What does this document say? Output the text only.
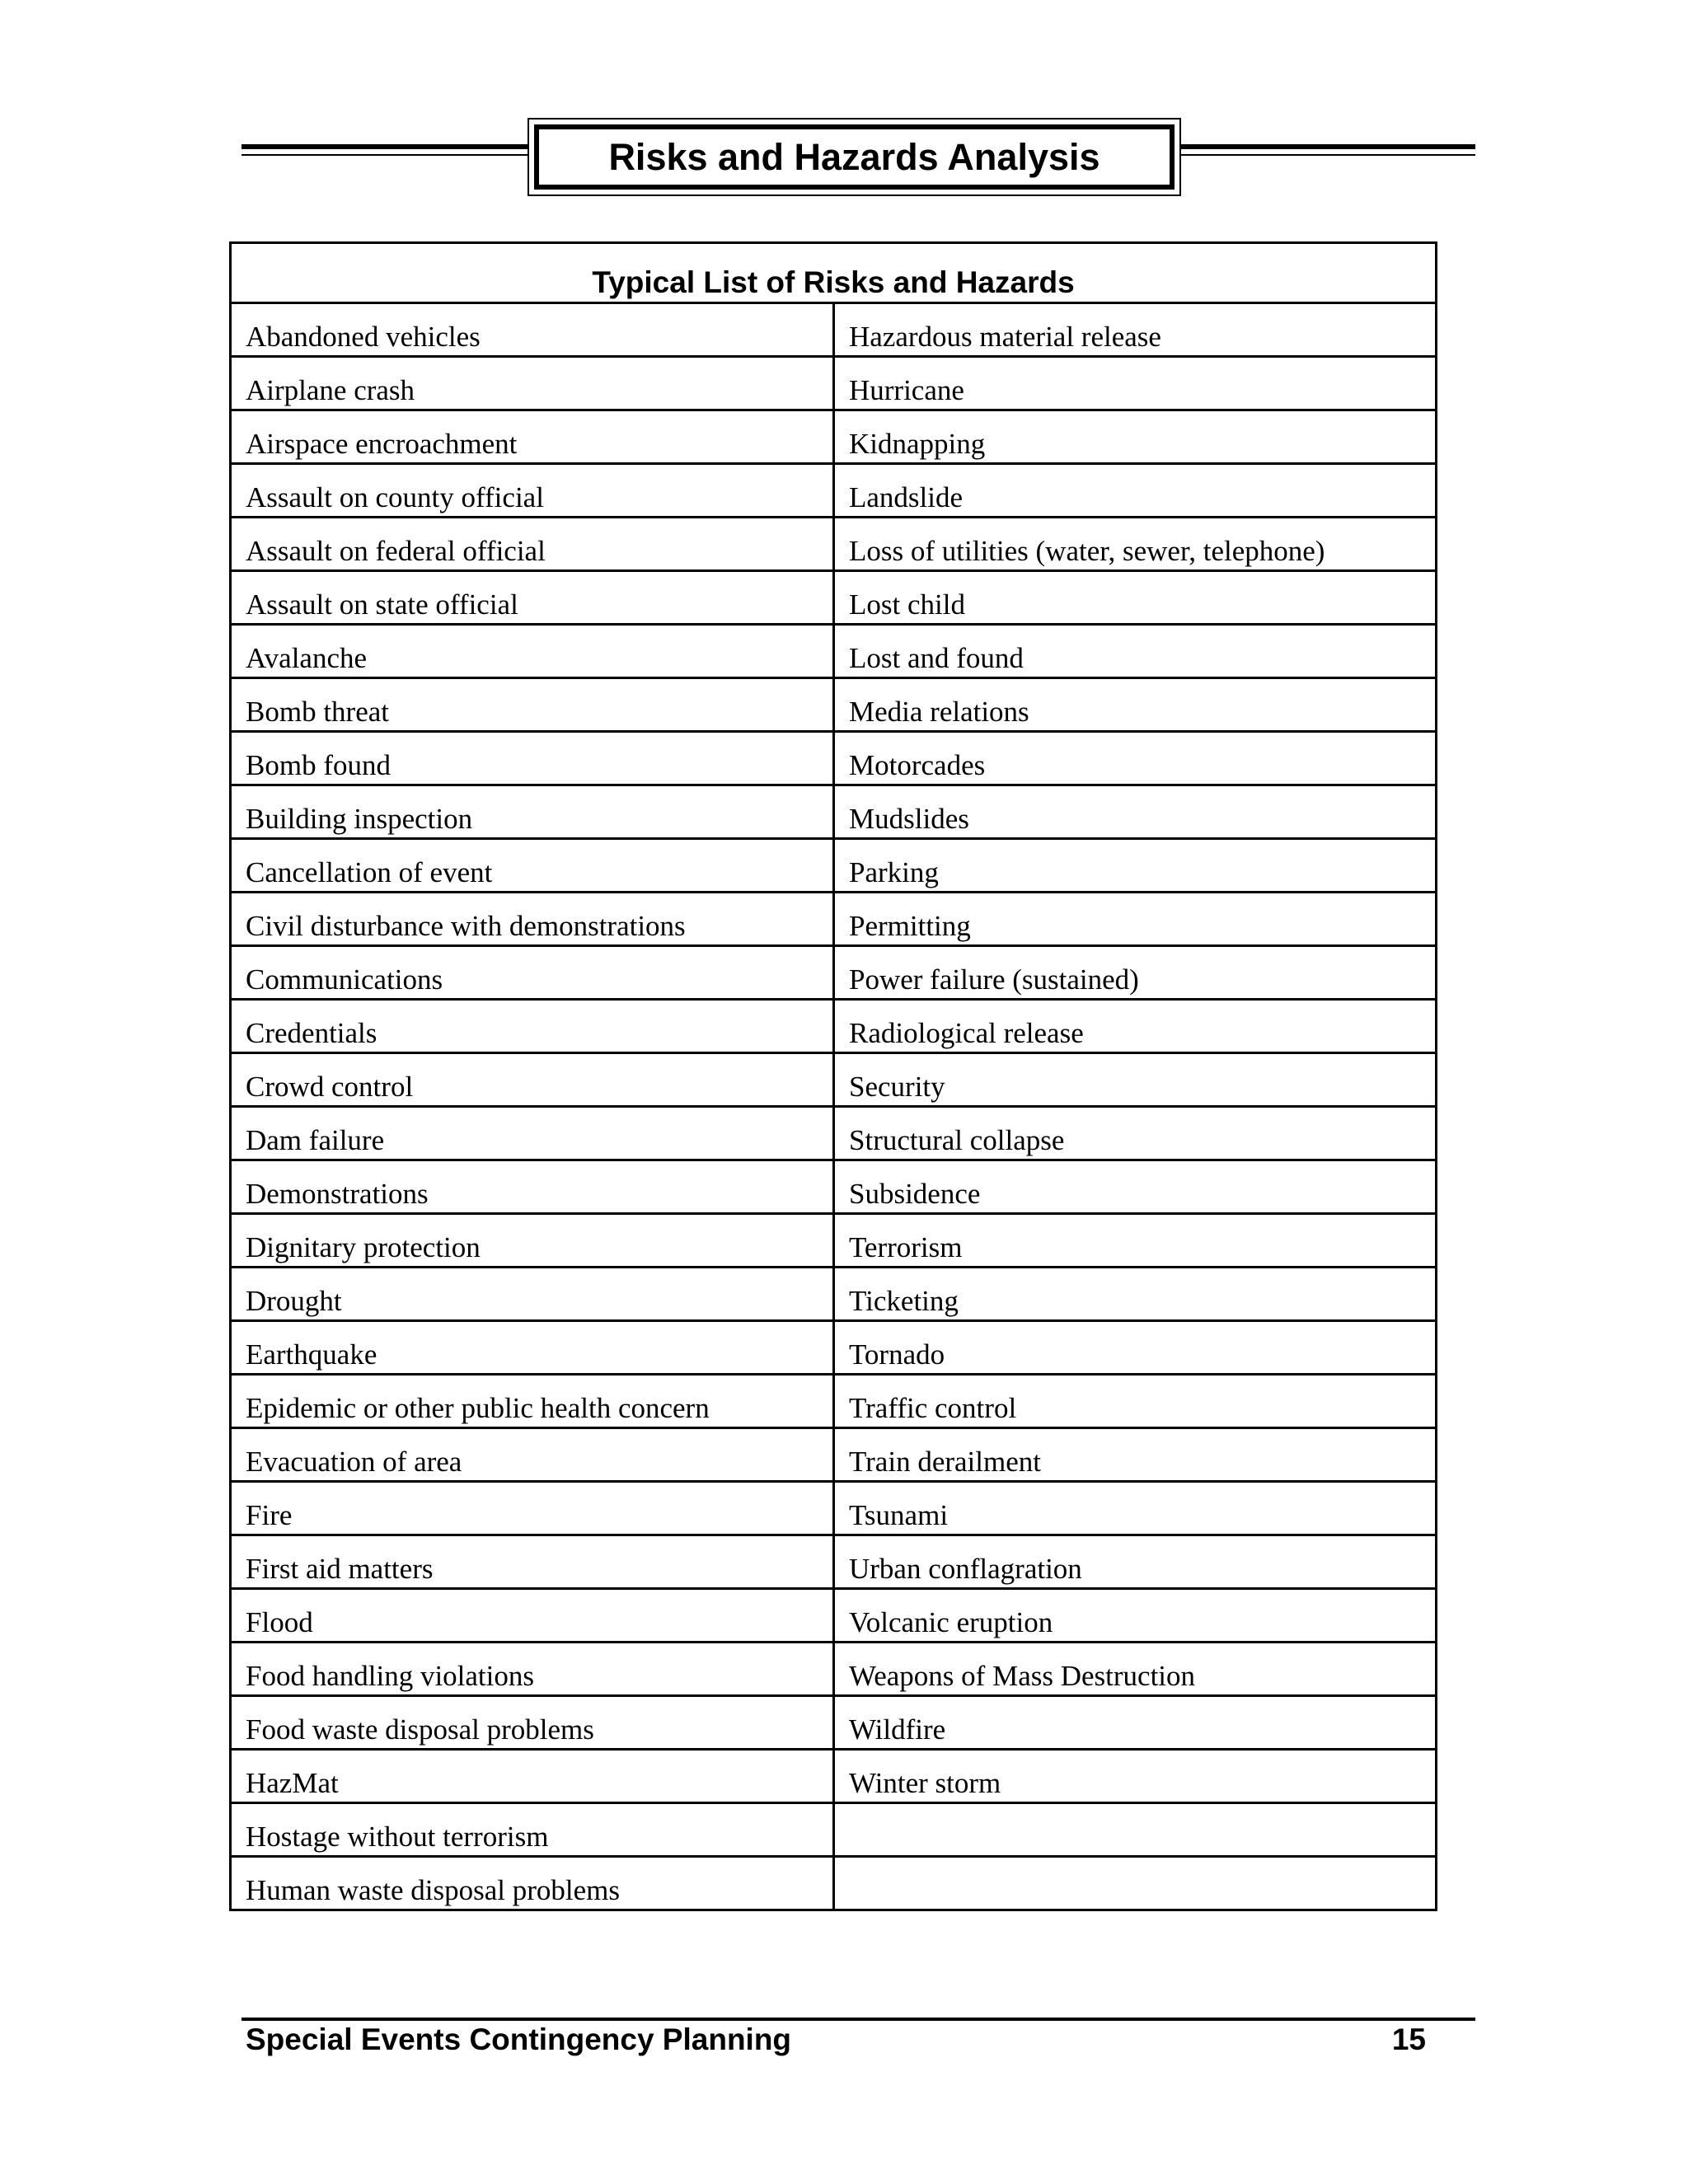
Risks and Hazards Analysis
Typical List of Risks and Hazards	
Abandoned vehicles	Hazardous material release
Airplane crash	Hurricane
Airspace encroachment	Kidnapping
Assault on county official	Landslide
Assault on federal official	Loss of utilities (water, sewer, telephone)
Assault on state official	Lost child
Avalanche	Lost and found
Bomb threat	Media relations
Bomb found	Motorcades
Building inspection	Mudslides
Cancellation of event	Parking
Civil disturbance with demonstrations	Permitting
Communications	Power failure (sustained)
Credentials	Radiological release
Crowd control	Security
Dam failure	Structural collapse
Demonstrations	Subsidence
Dignitary protection	Terrorism
Drought	Ticketing
Earthquake	Tornado
Epidemic or other public health concern	Traffic control
Evacuation of area	Train derailment
Fire	Tsunami
First aid matters	Urban conflagration
Flood	Volcanic eruption
Food handling violations	Weapons of Mass Destruction
Food waste disposal problems	Wildfire
HazMat	Winter storm
Hostage without terrorism	
Human waste disposal problems	
Special Events Contingency Planning	15
